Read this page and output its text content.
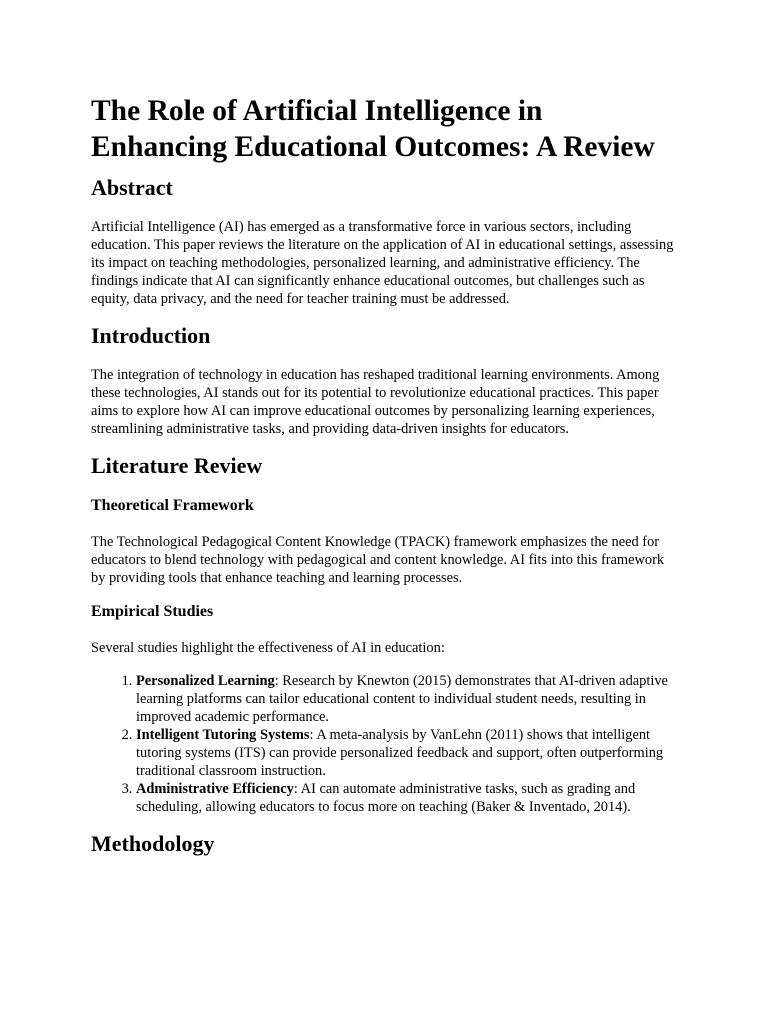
The Role of Artificial Intelligence in Enhancing Educational Outcomes: A Review
Abstract

Artificial Intelligence (AI) has emerged as a transformative force in various sectors, including education. This paper reviews the literature on the application of AI in educational settings, assessing its impact on teaching methodologies, personalized learning, and administrative efficiency. The findings indicate that AI can significantly enhance educational outcomes, but challenges such as equity, data privacy, and the need for teacher training must be addressed.

Introduction

The integration of technology in education has reshaped traditional learning environments. Among these technologies, AI stands out for its potential to revolutionize educational practices. This paper aims to explore how AI can improve educational outcomes by personalizing learning experiences, streamlining administrative tasks, and providing data-driven insights for educators.

Literature Review
Theoretical Framework

The Technological Pedagogical Content Knowledge (TPACK) framework emphasizes the need for educators to blend technology with pedagogical and content knowledge. AI fits into this framework by providing tools that enhance teaching and learning processes.

Empirical Studies

Several studies highlight the effectiveness of AI in education:

1. Personalized Learning: Research by Knewton (2015) demonstrates that AI-driven adaptive learning platforms can tailor educational content to individual student needs, resulting in improved academic performance.
2. Intelligent Tutoring Systems: A meta-analysis by VanLehn (2011) shows that intelligent tutoring systems (ITS) can provide personalized feedback and support, often outperforming traditional classroom instruction.
3. Administrative Efficiency: AI can automate administrative tasks, such as grading and scheduling, allowing educators to focus more on teaching (Baker & Inventado, 2014).
Methodology
